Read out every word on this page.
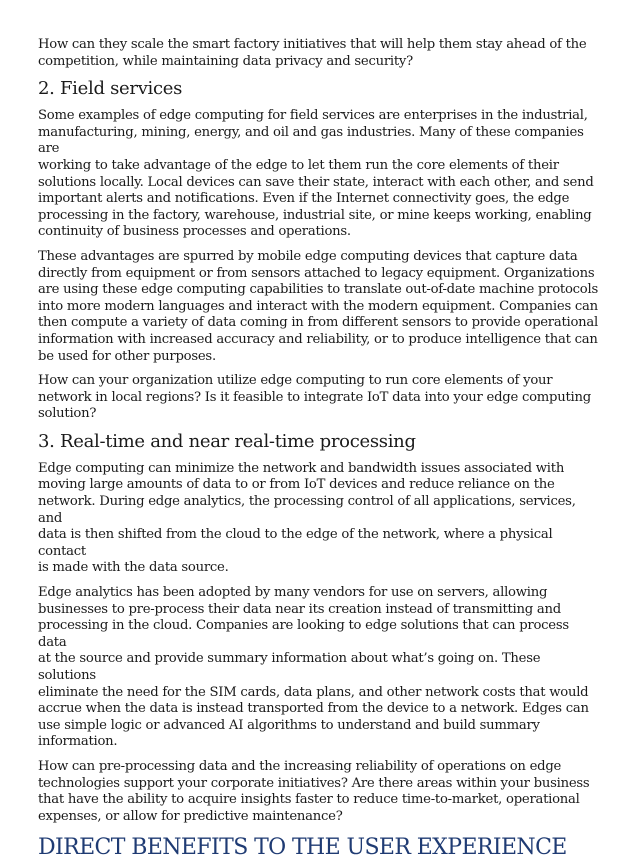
How can they scale the smart factory initiatives that will help them stay ahead of the
competition, while maintaining data privacy and security?

2. Field services

Some examples of edge computing for field services are enterprises in the industrial,
manufacturing, mining, energy, and oil and gas industries. Many of these companies are
working to take advantage of the edge to let them run the core elements of their
solutions locally. Local devices can save their state, interact with each other, and send
important alerts and notifications. Even if the Internet connectivity goes, the edge
processing in the factory, warehouse, industrial site, or mine keeps working, enabling
continuity of business processes and operations.

These advantages are spurred by mobile edge computing devices that capture data
directly from equipment or from sensors attached to legacy equipment. Organizations
are using these edge computing capabilities to translate out-of-date machine protocols
into more modern languages and interact with the modern equipment. Companies can
then compute a variety of data coming in from different sensors to provide operational
information with increased accuracy and reliability, or to produce intelligence that can
be used for other purposes.

How can your organization utilize edge computing to run core elements of your
network in local regions? Is it feasible to integrate IoT data into your edge computing
solution?

3. Real-time and near real-time processing

Edge computing can minimize the network and bandwidth issues associated with
moving large amounts of data to or from IoT devices and reduce reliance on the
network. During edge analytics, the processing control of all applications, services, and
data is then shifted from the cloud to the edge of the network, where a physical contact
is made with the data source.

Edge analytics has been adopted by many vendors for use on servers, allowing
businesses to pre-process their data near its creation instead of transmitting and
processing in the cloud. Companies are looking to edge solutions that can process data
at the source and provide summary information about what’s going on. These solutions
eliminate the need for the SIM cards, data plans, and other network costs that would
accrue when the data is instead transported from the device to a network. Edges can
use simple logic or advanced AI algorithms to understand and build summary
information.

How can pre-processing data and the increasing reliability of operations on edge
technologies support your corporate initiatives? Are there areas within your business
that have the ability to acquire insights faster to reduce time-to-market, operational
expenses, or allow for predictive maintenance?

DIRECT BENEFITS TO THE USER EXPERIENCE
